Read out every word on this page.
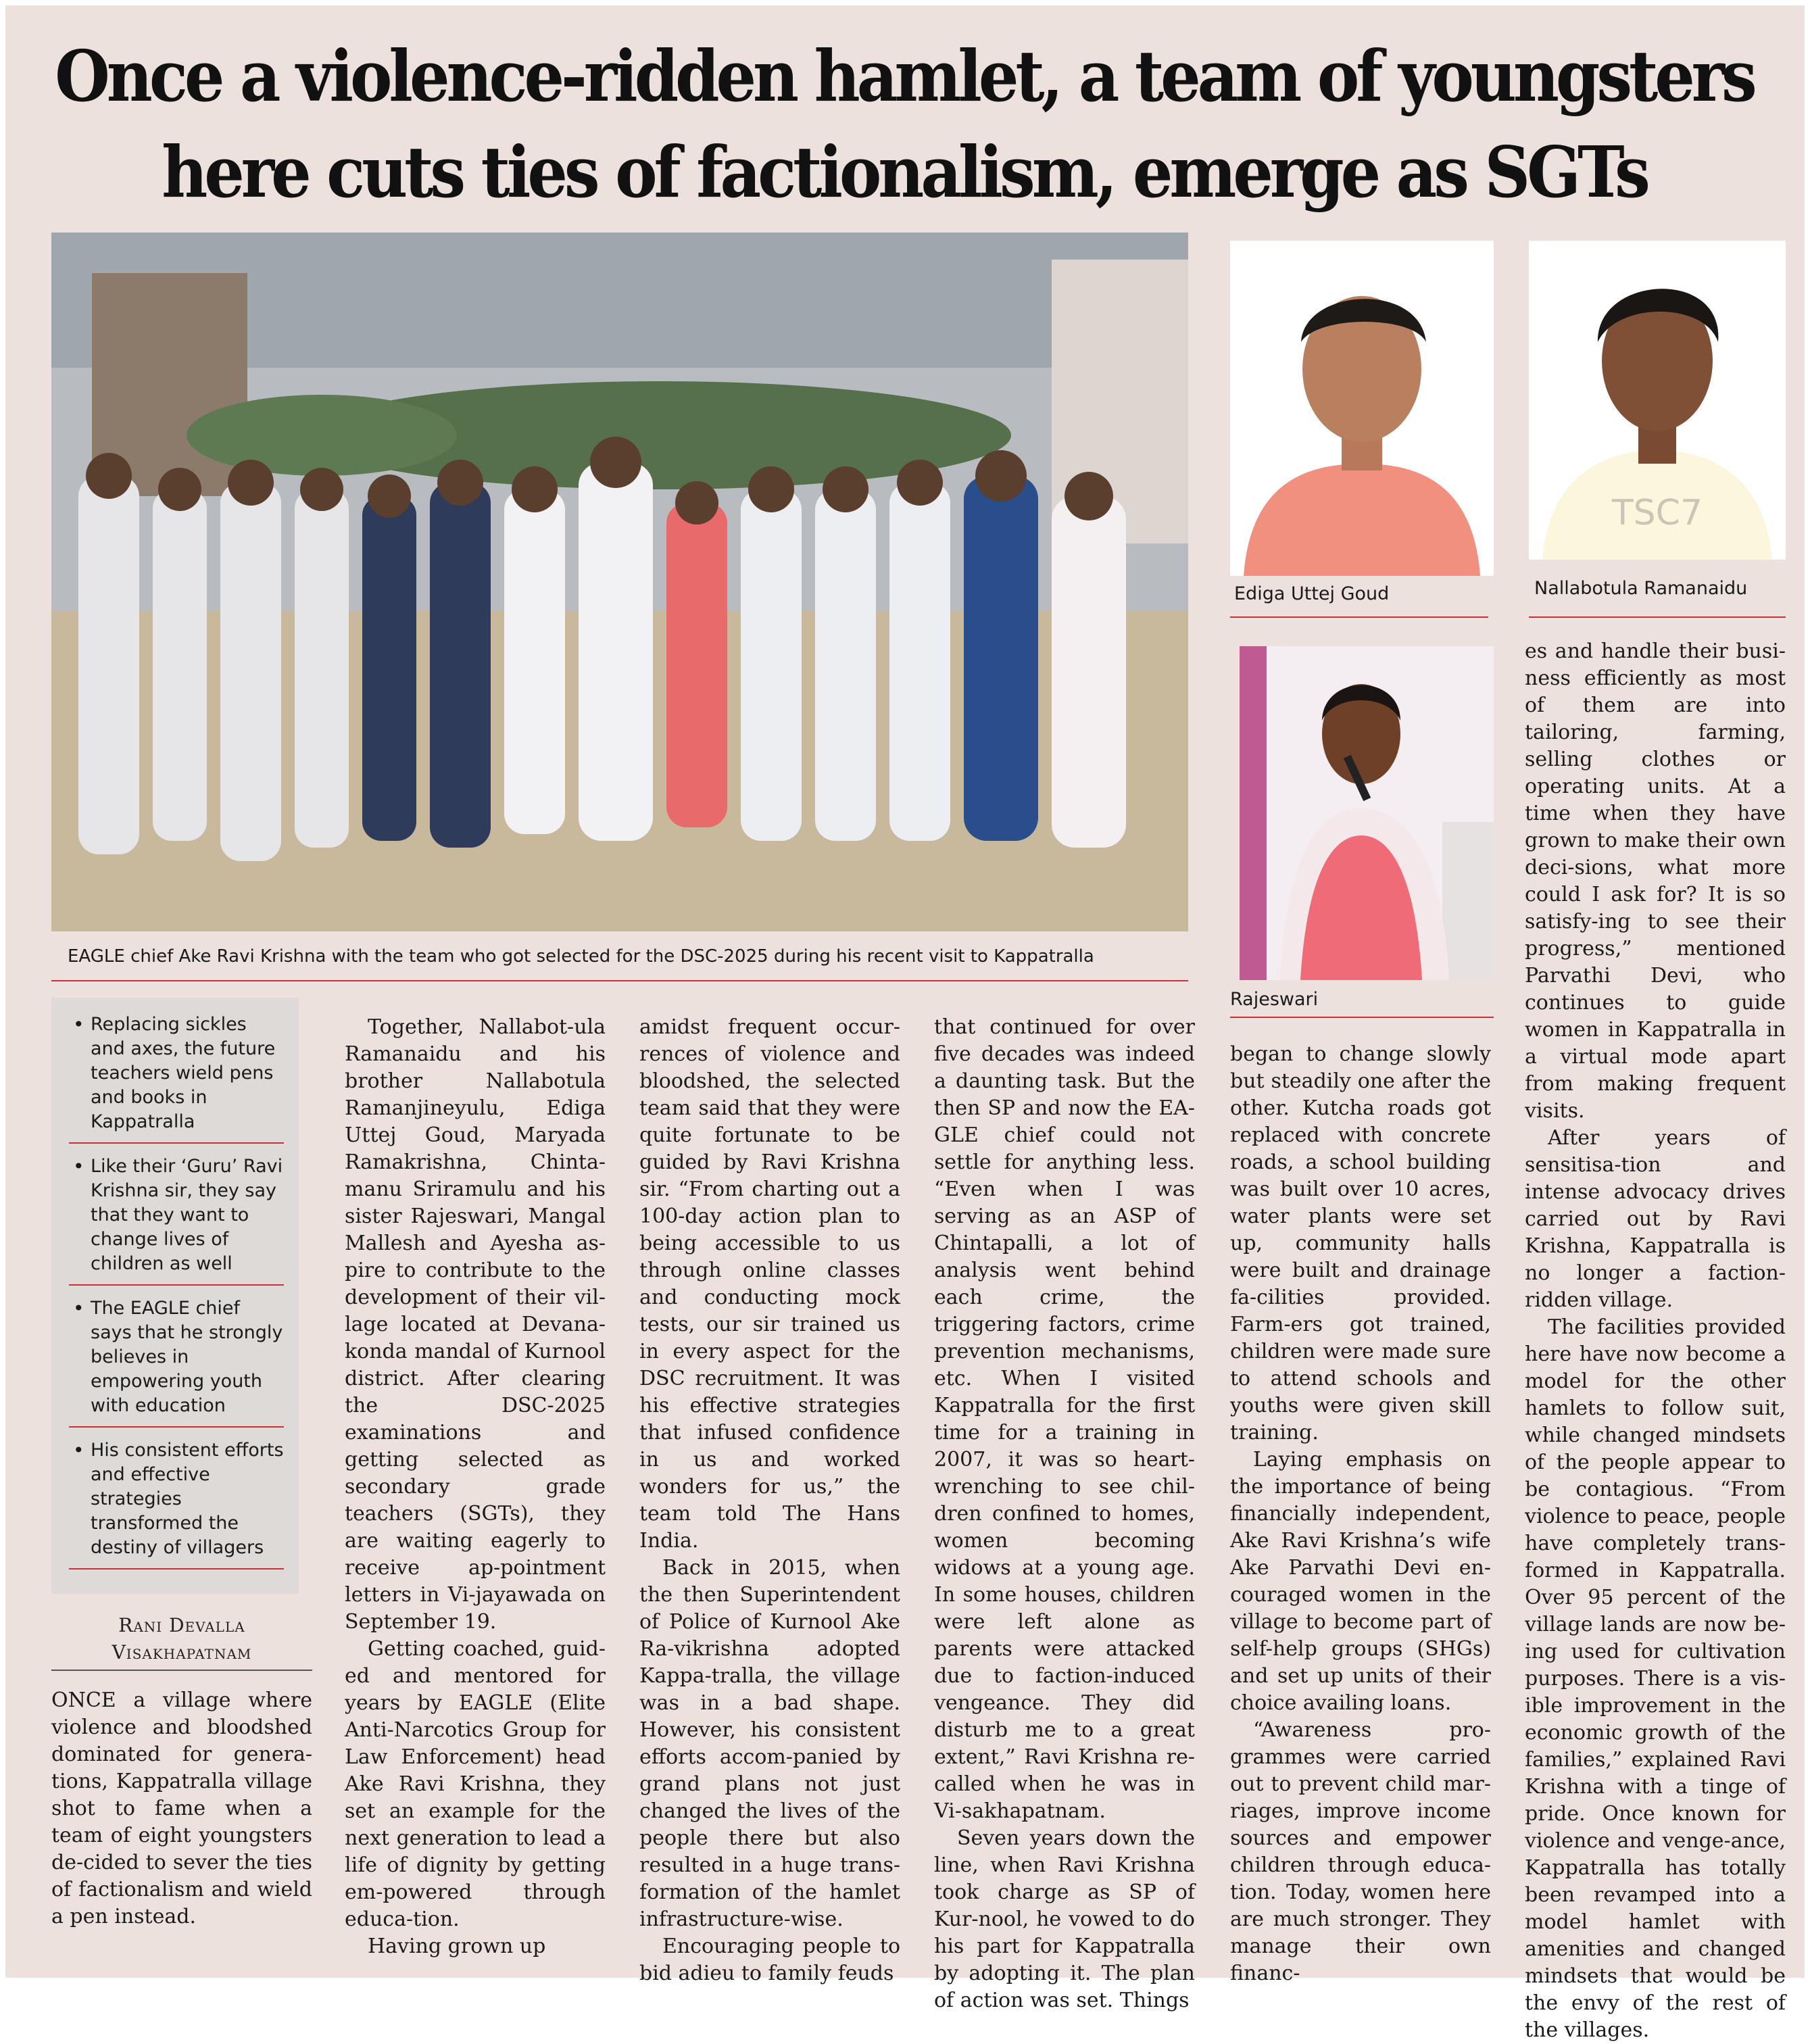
Once a violence-ridden hamlet, a team of youngsters
here cuts ties of factionalism, emerge as SGTs
EAGLE chief Ake Ravi Krishna with the team who got selected for the DSC-2025 during his recent visit to Kappatralla
Ediga Uttej Goud
TSC7
Nallabotula Ramanaidu
Rajeswari
• Replacing sickles and axes, the future teachers wield pens and books in Kappatralla
• Like their ‘Guru’ Ravi Krishna sir, they say that they want to change lives of children as well
• The EAGLE chief says that he strongly believes in empowering youth with education
• His consistent efforts and effective strategies transformed the destiny of villagers
Rani Devalla
Visakhapatnam

ONCE a village where violence and bloodshed dominated for genera-tions, Kappatralla village shot to fame when a team of eight youngsters de-cided to sever the ties of factionalism and wield a pen instead.

Together, Nallabot-ula Ramanaidu and his brother Nallabotula Ramanjineyulu, Ediga Uttej Goud, Maryada Ramakrishna, Chinta-manu Sriramulu and his sister Rajeswari, Mangal Mallesh and Ayesha as-pire to contribute to the development of their vil-lage located at Devana-konda mandal of Kurnool district. After clearing the DSC-2025 examinations and getting selected as secondary grade teachers (SGTs), they are waiting eagerly to receive ap-pointment letters in Vi-jayawada on September 19.

Getting coached, guid-ed and mentored for years by EAGLE (Elite Anti-Narcotics Group for Law Enforcement) head Ake Ravi Krishna, they set an example for the next generation to lead a life of dignity by getting em-powered through educa-tion.

Having grown up

amidst frequent occur-rences of violence and bloodshed, the selected team said that they were quite fortunate to be guided by Ravi Krishna sir. “From charting out a 100-day action plan to being accessible to us through online classes and conducting mock tests, our sir trained us in every aspect for the DSC recruitment. It was his effective strategies that infused confidence in us and worked wonders for us,” the team told The Hans India.

Back in 2015, when the then Superintendent of Police of Kurnool Ake Ra-vikrishna adopted Kappa-tralla, the village was in a bad shape. However, his consistent efforts accom-panied by grand plans not just changed the lives of the people there but also resulted in a huge trans-formation of the hamlet infrastructure-wise.

Encouraging people to bid adieu to family feuds

that continued for over five decades was indeed a daunting task. But the then SP and now the EA-GLE chief could not settle for anything less. “Even when I was serving as an ASP of Chintapalli, a lot of analysis went behind each crime, the triggering factors, crime prevention mechanisms, etc. When I visited Kappatralla for the first time for a training in 2007, it was so heart-wrenching to see chil-dren confined to homes, women becoming widows at a young age. In some houses, children were left alone as parents were attacked due to faction-induced vengeance. They did disturb me to a great extent,” Ravi Krishna re-called when he was in Vi-sakhapatnam.

Seven years down the line, when Ravi Krishna took charge as SP of Kur-nool, he vowed to do his part for Kappatralla by adopting it. The plan of action was set. Things

began to change slowly but steadily one after the other. Kutcha roads got replaced with concrete roads, a school building was built over 10 acres, water plants were set up, community halls were built and drainage fa-cilities provided. Farm-ers got trained, children were made sure to attend schools and youths were given skill training.

Laying emphasis on the importance of being financially independent, Ake Ravi Krishna’s wife Ake Parvathi Devi en-couraged women in the village to become part of self-help groups (SHGs) and set up units of their choice availing loans.

“Awareness pro-grammes were carried out to prevent child mar-riages, improve income sources and empower children through educa-tion. Today, women here are much stronger. They manage their own financ-

es and handle their busi-ness efficiently as most of them are into tailoring, farming, selling clothes or operating units. At a time when they have grown to make their own deci-sions, what more could I ask for? It is so satisfy-ing to see their progress,” mentioned Parvathi Devi, who continues to guide women in Kappatralla in a virtual mode apart from making frequent visits.

After years of sensitisa-tion and intense advocacy drives carried out by Ravi Krishna, Kappatralla is no longer a faction-ridden village.

The facilities provided here have now become a model for the other hamlets to follow suit, while changed mindsets of the people appear to be contagious. “From violence to peace, people have completely trans-formed in Kappatralla. Over 95 percent of the village lands are now be-ing used for cultivation purposes. There is a vis-ible improvement in the economic growth of the families,” explained Ravi Krishna with a tinge of pride. Once known for violence and venge-ance, Kappatralla has totally been revamped into a model hamlet with amenities and changed mindsets that would be the envy of the rest of the villages.
